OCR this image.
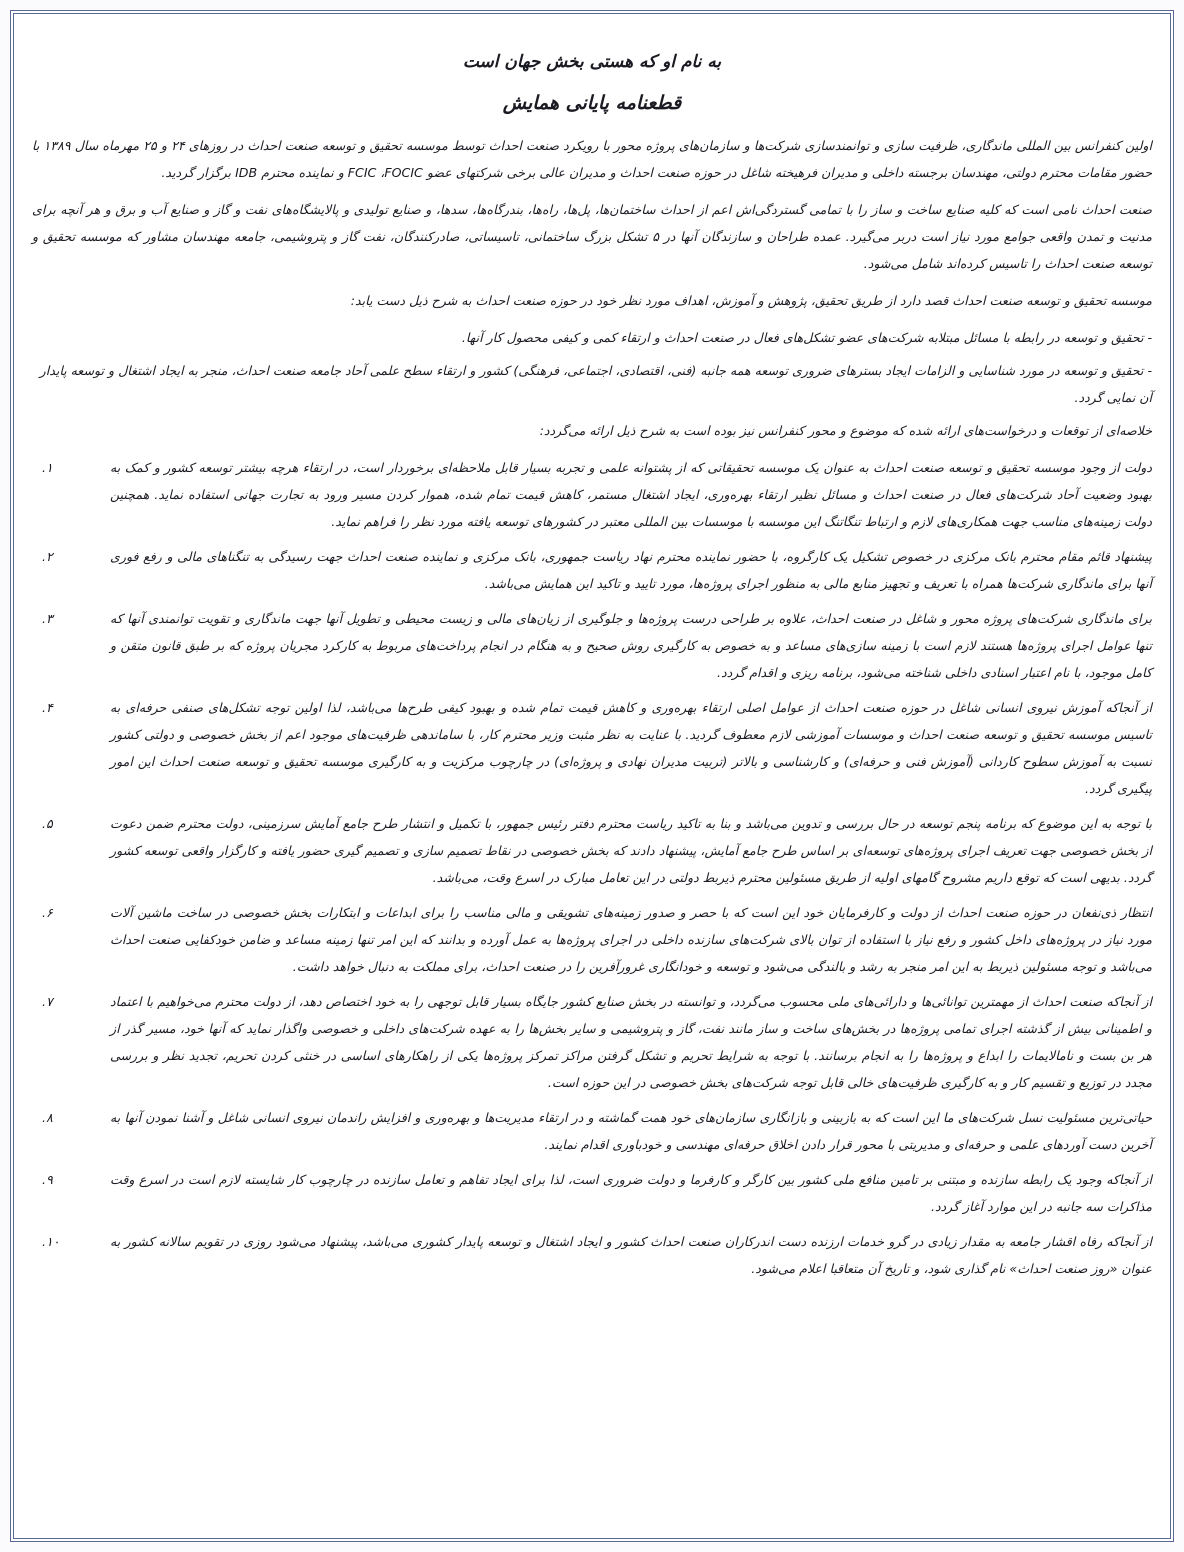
به نام او که هستی بخش جهان است
قطعنامه پایانی همایش

اولین کنفرانس بین المللی ماندگاری، ظرفیت سازی و توانمندسازی شرکت‌ها و سازمان‌های پروژه محور با رویکرد صنعت احداث توسط موسسه تحقیق و توسعه صنعت احداث در روزهای ۲۴ و ۲۵ مهرماه سال ۱۳۸۹ با حضور مقامات محترم دولتی، مهندسان برجسته داخلی و مدیران فرهیخته شاغل در حوزه صنعت احداث و مدیران عالی برخی شرکتهای عضو FCIC ،FOCIC و نماینده محترم IDB برگزار گردید.

صنعت احداث نامی است که کلیه صنایع ساخت و ساز را با تمامی گستردگی‌اش اعم از احداث ساختمان‌ها، پل‌ها، راه‌ها، بندرگاه‌ها، سدها، و صنایع تولیدی و پالایشگاه‌های نفت و گاز و صنایع آب و برق و هر آنچه برای مدنیت و تمدن واقعی جوامع مورد نیاز است دربر می‌گیرد. عمده طراحان و سازندگان آنها در ۵ تشکل بزرگ ساختمانی، تاسیساتی، صادرکنندگان، نفت گاز و پتروشیمی، جامعه مهندسان مشاور که موسسه تحقیق و توسعه صنعت احداث را تاسیس کرده‌اند شامل می‌شود.

موسسه تحقیق و توسعه صنعت احداث قصد دارد از طریق تحقیق، پژوهش و آموزش، اهداف مورد نظر خود در حوزه صنعت احداث به شرح ذیل دست یابد:

- تحقیق و توسعه در رابطه با مسائل مبتلابه شرکت‌های عضو تشکل‌های فعال در صنعت احداث و ارتقاء کمی و کیفی محصول کار آنها.

- تحقیق و توسعه در مورد شناسایی و الزامات ایجاد بسترهای ضروری توسعه همه جانبه (فنی، اقتصادی، اجتماعی، فرهنگی) کشور و ارتقاء سطح علمی آحاد جامعه صنعت احداث، منجر به ایجاد اشتغال و توسعه پایدار آن نمایی گردد.

خلاصه‌ای از توقعات و درخواست‌های ارائه شده که موضوع و محور کنفرانس نیز بوده است به شرح ذیل ارائه می‌گردد:

دولت از وجود موسسه تحقیق و توسعه صنعت احداث به عنوان یک موسسه تحقیقاتی که از پشتوانه علمی و تجربه بسیار قابل ملاحظه‌ای برخوردار است، در ارتقاء هرچه بیشتر توسعه کشور و کمک به بهبود وضعیت آحاد شرکت‌های فعال در صنعت احداث و مسائل نظیر ارتقاء بهره‌وری، ایجاد اشتغال مستمر، کاهش قیمت تمام شده، هموار کردن مسیر ورود به تجارت جهانی استفاده نماید. همچنین دولت زمینه‌های مناسب جهت همکاری‌های لازم و ارتباط تنگاتنگ این موسسه با موسسات بین المللی معتبر در کشورهای توسعه یافته مورد نظر را فراهم نماید.
۱.
پیشنهاد قائم مقام محترم بانک مرکزی در خصوص تشکیل یک کارگروه، با حضور نماینده محترم نهاد ریاست جمهوری، بانک مرکزی و نماینده صنعت احداث جهت رسیدگی به تنگناهای مالی و رفع فوری آنها برای ماندگاری شرکت‌ها همراه با تعریف و تجهیز منابع مالی به منظور اجرای پروژه‌ها، مورد تایید و تاکید این همایش می‌باشد.
۲.
برای ماندگاری شرکت‌های پروژه محور و شاغل در صنعت احداث، علاوه بر طراحی درست پروژه‌ها و جلوگیری از زیان‌های مالی و زیست محیطی و تطویل آنها جهت ماندگاری و تقویت توانمندی آنها که تنها عوامل اجرای پروژه‌ها هستند لازم است با زمینه سازی‌های مساعد و به خصوص به کارگیری روش صحیح و به هنگام در انجام پرداخت‌های مربوط به کارکرد مجریان پروژه که بر طبق قانون متقن و کامل موجود، با نام اعتبار اسنادی داخلی شناخته می‌شود، برنامه ریزی و اقدام گردد.
۳.
از آنجاکه آموزش نیروی انسانی شاغل در حوزه صنعت احداث از عوامل اصلی ارتقاء بهره‌وری و کاهش قیمت تمام شده و بهبود کیفی طرح‌ها می‌باشد، لذا اولین توجه تشکل‌های صنفی حرفه‌ای به تاسیس موسسه تحقیق و توسعه صنعت احداث و موسسات آموزشی لازم معطوف گردید. با عنایت به نظر مثبت وزیر محترم کار، با ساماندهی ظرفیت‌های موجود اعم از بخش خصوصی و دولتی کشور نسبت به آموزش سطوح کاردانی (آموزش فنی و حرفه‌ای) و کارشناسی و بالاتر (تربیت مدیران نهادی و پروژه‌ای) در چارچوب مرکزیت و به کارگیری موسسه تحقیق و توسعه صنعت احداث این امور پیگیری گردد.
۴.
با توجه به این موضوع که برنامه پنجم توسعه در حال بررسی و تدوین می‌باشد و بنا به تاکید ریاست محترم دفتر رئیس جمهور، با تکمیل و انتشار طرح جامع آمایش سرزمینی، دولت محترم ضمن دعوت از بخش خصوصی جهت تعریف اجرای پروژه‌های توسعه‌ای بر اساس طرح جامع آمایش، پیشنهاد دادند که بخش خصوصی در نقاط تصمیم سازی و تصمیم گیری حضور یافته و کارگزار واقعی توسعه کشور گردد. بدیهی است که توقع داریم مشروح گامهای اولیه از طریق مسئولین محترم ذیربط دولتی در این تعامل مبارک در اسرع وقت، می‌باشد.
۵.
انتظار ذی‌نفعان در حوزه صنعت احداث از دولت و کارفرمایان خود این است که با حصر و صدور زمینه‌های تشویقی و مالی مناسب را برای ابداعات و ابتکارات بخش خصوصی در ساخت ماشین آلات مورد نیاز در پروژه‌های داخل کشور و رفع نیاز با استفاده از توان بالای شرکت‌های سازنده داخلی در اجرای پروژه‌ها به عمل آورده و بدانند که این امر تنها زمینه مساعد و ضامن خودکفایی صنعت احداث می‌باشد و توجه مسئولین ذیربط به این امر منجر به رشد و بالندگی می‌شود و توسعه و خودانگاری غرورآفرین را در صنعت احداث، برای مملکت به دنبال خواهد داشت.
۶.
از آنجاکه صنعت احداث از مهمترین توانائی‌ها و دارائی‌های ملی محسوب می‌گردد، و توانسته در بخش صنایع کشور جایگاه بسیار قابل توجهی را به خود اختصاص دهد، از دولت محترم می‌خواهیم با اعتماد و اطمینانی بیش از گذشته اجرای تمامی پروژه‌ها در بخش‌های ساخت و ساز مانند نفت، گاز و پتروشیمی و سایر بخش‌ها را به عهده شرکت‌های داخلی و خصوصی واگذار نماید که آنها خود، مسیر گذر از هر بن بست و نامالایمات را ابداع و پروژه‌ها را به انجام برسانند. با توجه به شرایط تحریم و تشکل گرفتن مراکز تمرکز پروژه‌ها یکی از راهکارهای اساسی در خنثی کردن تحریم، تجدید نظر و بررسی مجدد در توزیع و تقسیم کار و به کارگیری ظرفیت‌های خالی قابل توجه شرکت‌های بخش خصوصی در این حوزه است.
۷.
حیاتی‌ترین مسئولیت نسل شرکت‌های ما این است که به بازبینی و بازانگاری سازمان‌های خود همت گماشته و در ارتقاء مدیریت‌ها و بهره‌وری و افزایش راندمان نیروی انسانی شاغل و آشنا نمودن آنها به آخرین دست آوردهای علمی و حرفه‌ای و مدیریتی با محور قرار دادن اخلاق حرفه‌ای مهندسی و خودباوری اقدام نمایند.
۸.
از آنجاکه وجود یک رابطه سازنده و مبتنی بر تامین منافع ملی کشور بین کارگر و کارفرما و دولت ضروری است، لذا برای ایجاد تفاهم و تعامل سازنده در چارچوب کار شایسته لازم است در اسرع وقت مذاکرات سه جانبه در این موارد آغاز گردد.
۹.
از آنجاکه رفاه اقشار جامعه به مقدار زیادی در گرو خدمات ارزنده دست اندرکاران صنعت احداث کشور و ایجاد اشتغال و توسعه پایدار کشوری می‌باشد، پیشنهاد می‌شود روزی در تقویم سالانه کشور به عنوان «روز صنعت احداث» نام گذاری شود، و تاریخ آن متعاقبا اعلام می‌شود.
۱۰.
